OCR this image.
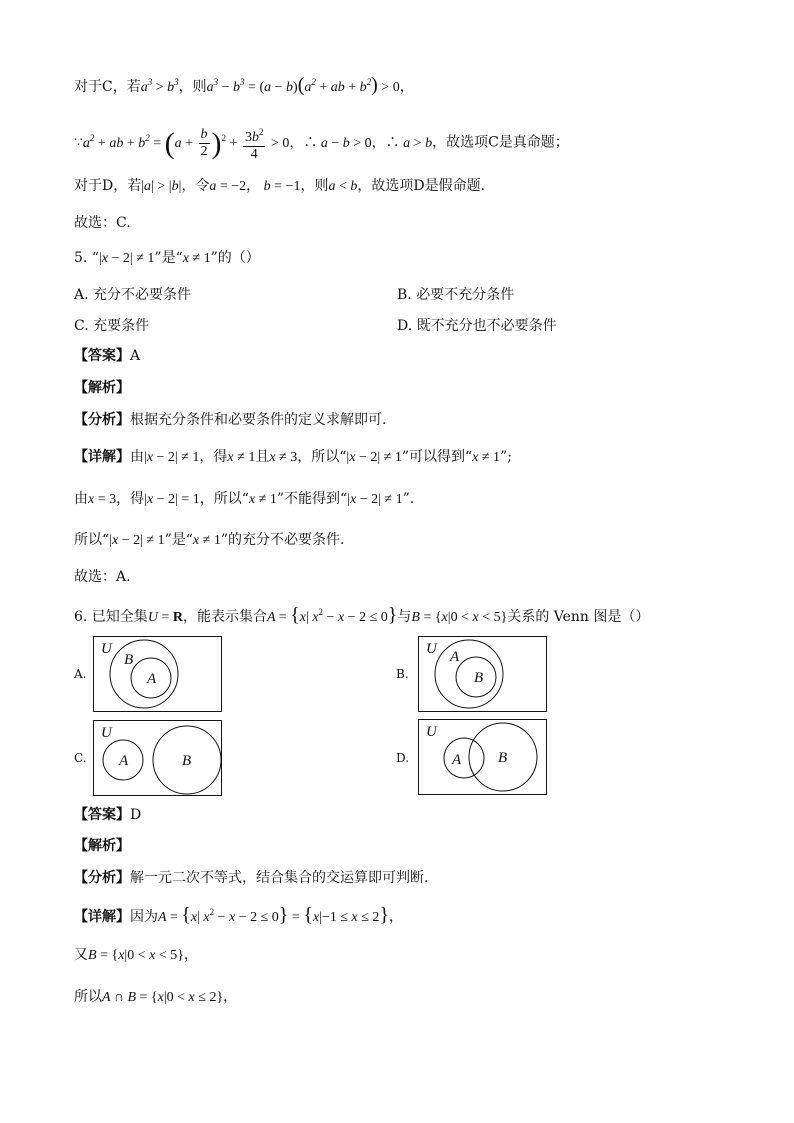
对于C，若$a^3 > b^3$，则$a^3 - b^3 = (a - b)(a^2$ + ab + $b^2) > 0$，
$\because a^2$ + ab + $b^2 = (a + \frac{b}{2} )^2 + \frac{3b^2}{4} > 0$，∴ a − b > 0，∴ a > b，故选项C是真命题；
对于D，若|a| > |b|，令a = −2， b = −1，则a < b，故选项D是假命题.
故选：C.
5. “|x − 2| ≠ 1”是“x ≠ 1”的（）
A. 充分不必要条件	B. 必要不充分条件
C. 充要条件	D. 既不充分也不必要条件
【答案】A
【解析】
【分析】根据充分条件和必要条件的定义求解即可.
【详解】由|x − 2| ≠ 1，得x ≠ 1且x ≠ 3，所以“|x − 2| ≠ 1”可以得到“x ≠ 1”;
由x = 3，得|x − 2| = 1，所以“x ≠ 1”不能得到“|x − 2| ≠ 1”.
所以“|x − 2| ≠ 1”是“x ≠ 1”的充分不必要条件.
故选：A.
6. 已知全集U = R，能表示集合A = {x| $x^2 - x - 2 \le 0$}与B = {x|0 < x < 5}关系的 Venn 图是（）
A.
U
B
A	B.
U A
B
C.
U
A	B	D.
U
A B
【答案】D
【解析】
【分析】解一元二次不等式，结合集合的交运算即可判断.
【详解】因为A = {x| $x^2 - x - 2 \le 0\} = \{x|-1 \le x \le 2\}$，
又B = {x|0 < x < 5}，
所以A ∩ B = {x|0 < x ≤ 2}，
